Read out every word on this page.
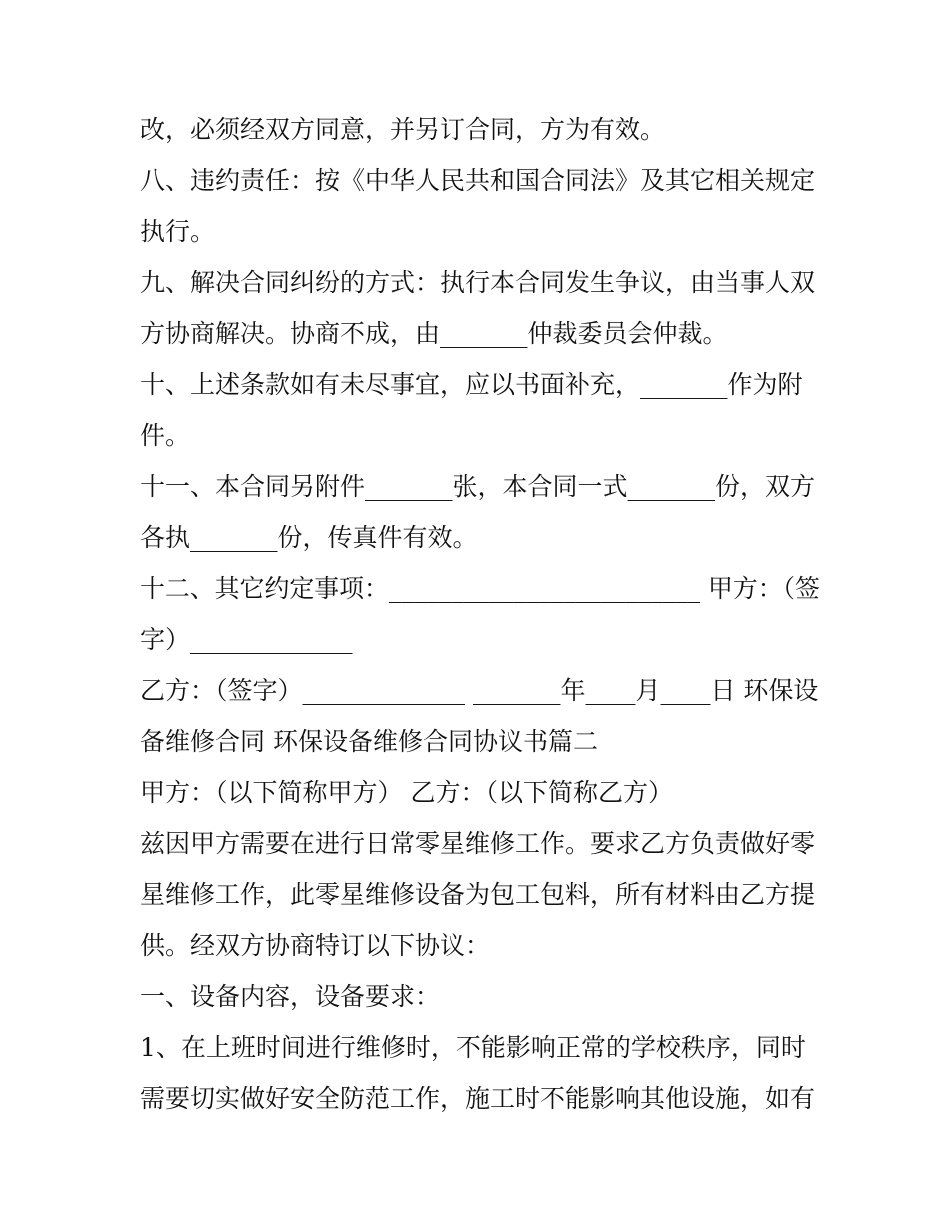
改，必须经双方同意，并另订合同，方为有效。
八、违约责任：按《中华人民共和国合同法》及其它相关规定
执行。
九、解决合同纠纷的方式：执行本合同发生争议，由当事人双
方协商解决。协商不成，由_______仲裁委员会仲裁。
十、上述条款如有未尽事宜，应以书面补充，_______作为附
件。
十一、本合同另附件_______张，本合同一式_______份，双方
各执_______份，传真件有效。
十二、其它约定事项：_________________________ 甲方：（签
字）_____________
乙方：（签字）_____________ _______年____月____日 环保设
备维修合同 环保设备维修合同协议书篇二
甲方：（以下简称甲方） 乙方：（以下简称乙方）
兹因甲方需要在进行日常零星维修工作。要求乙方负责做好零
星维修工作，此零星维修设备为包工包料，所有材料由乙方提
供。经双方协商特订以下协议：
一、设备内容，设备要求：
1、在上班时间进行维修时，不能影响正常的学校秩序，同时
需要切实做好安全防范工作，施工时不能影响其他设施，如有
